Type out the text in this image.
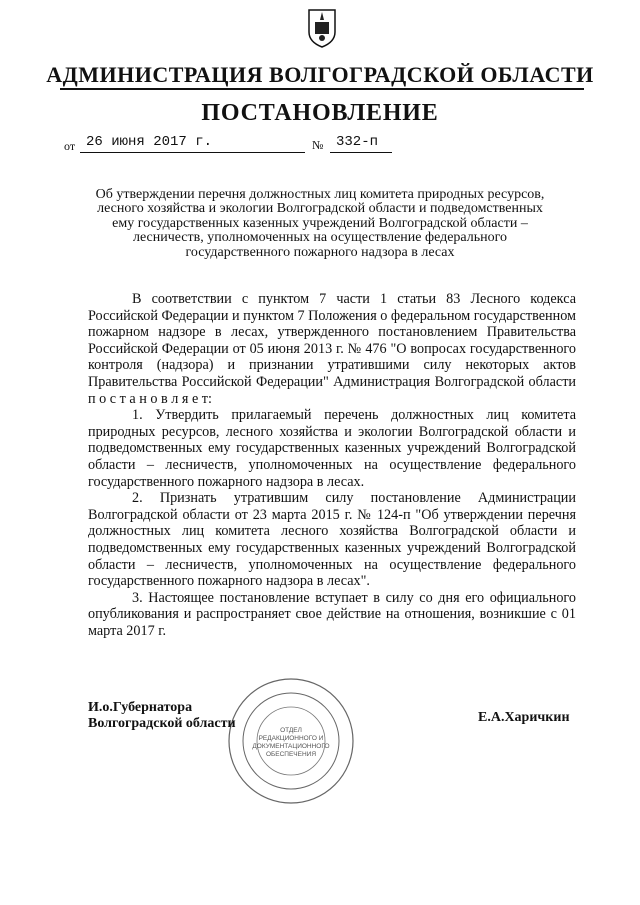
АДМИНИСТРАЦИЯ ВОЛГОГРАДСКОЙ ОБЛАСТИ
ПОСТАНОВЛЕНИЕ
от 26 июня 2017 г.	№ 332-п

Об утверждении перечня должностных лиц комитета природных ресурсов, лесного хозяйства и экологии Волгоградской области и подведомственных ему государственных казенных учреждений Волгоградской области – лесничеств, уполномоченных на осуществление федерального государственного пожарного надзора в лесах

В соответствии с пунктом 7 части 1 статьи 83 Лесного кодекса Российской Федерации и пунктом 7 Положения о федеральном государственном пожарном надзоре в лесах, утвержденного постановлением Правительства Российской Федерации от 05 июня 2013 г. № 476 "О вопросах государственного контроля (надзора) и признании утратившими силу некоторых актов Правительства Российской Федерации" Администрация Волгоградской области п о с т а н о в л я е т:

1. Утвердить прилагаемый перечень должностных лиц комитета природных ресурсов, лесного хозяйства и экологии Волгоградской области и подведомственных ему государственных казенных учреждений Волгоградской области – лесничеств, уполномоченных на осуществление федерального государственного пожарного надзора в лесах.

2. Признать утратившим силу постановление Администрации Волгоградской области от 23 марта 2015 г. № 124-п "Об утверждении перечня должностных лиц комитета лесного хозяйства Волгоградской области и подведомственных ему государственных казенных учреждений Волгоградской области – лесничеств, уполномоченных на осуществление федерального государственного пожарного надзора в лесах".

3. Настоящее постановление вступает в силу со дня его официального опубликования и распространяет свое действие на отношения, возникшие с 01 марта 2017 г.

ОТДЕЛ
РЕДАКЦИОННОГО И
ДОКУМЕНТАЦИОННОГО
ОБЕСПЕЧЕНИЯ
И.о.Губернатора
Волгоградской области	Е.А.Харичкин
